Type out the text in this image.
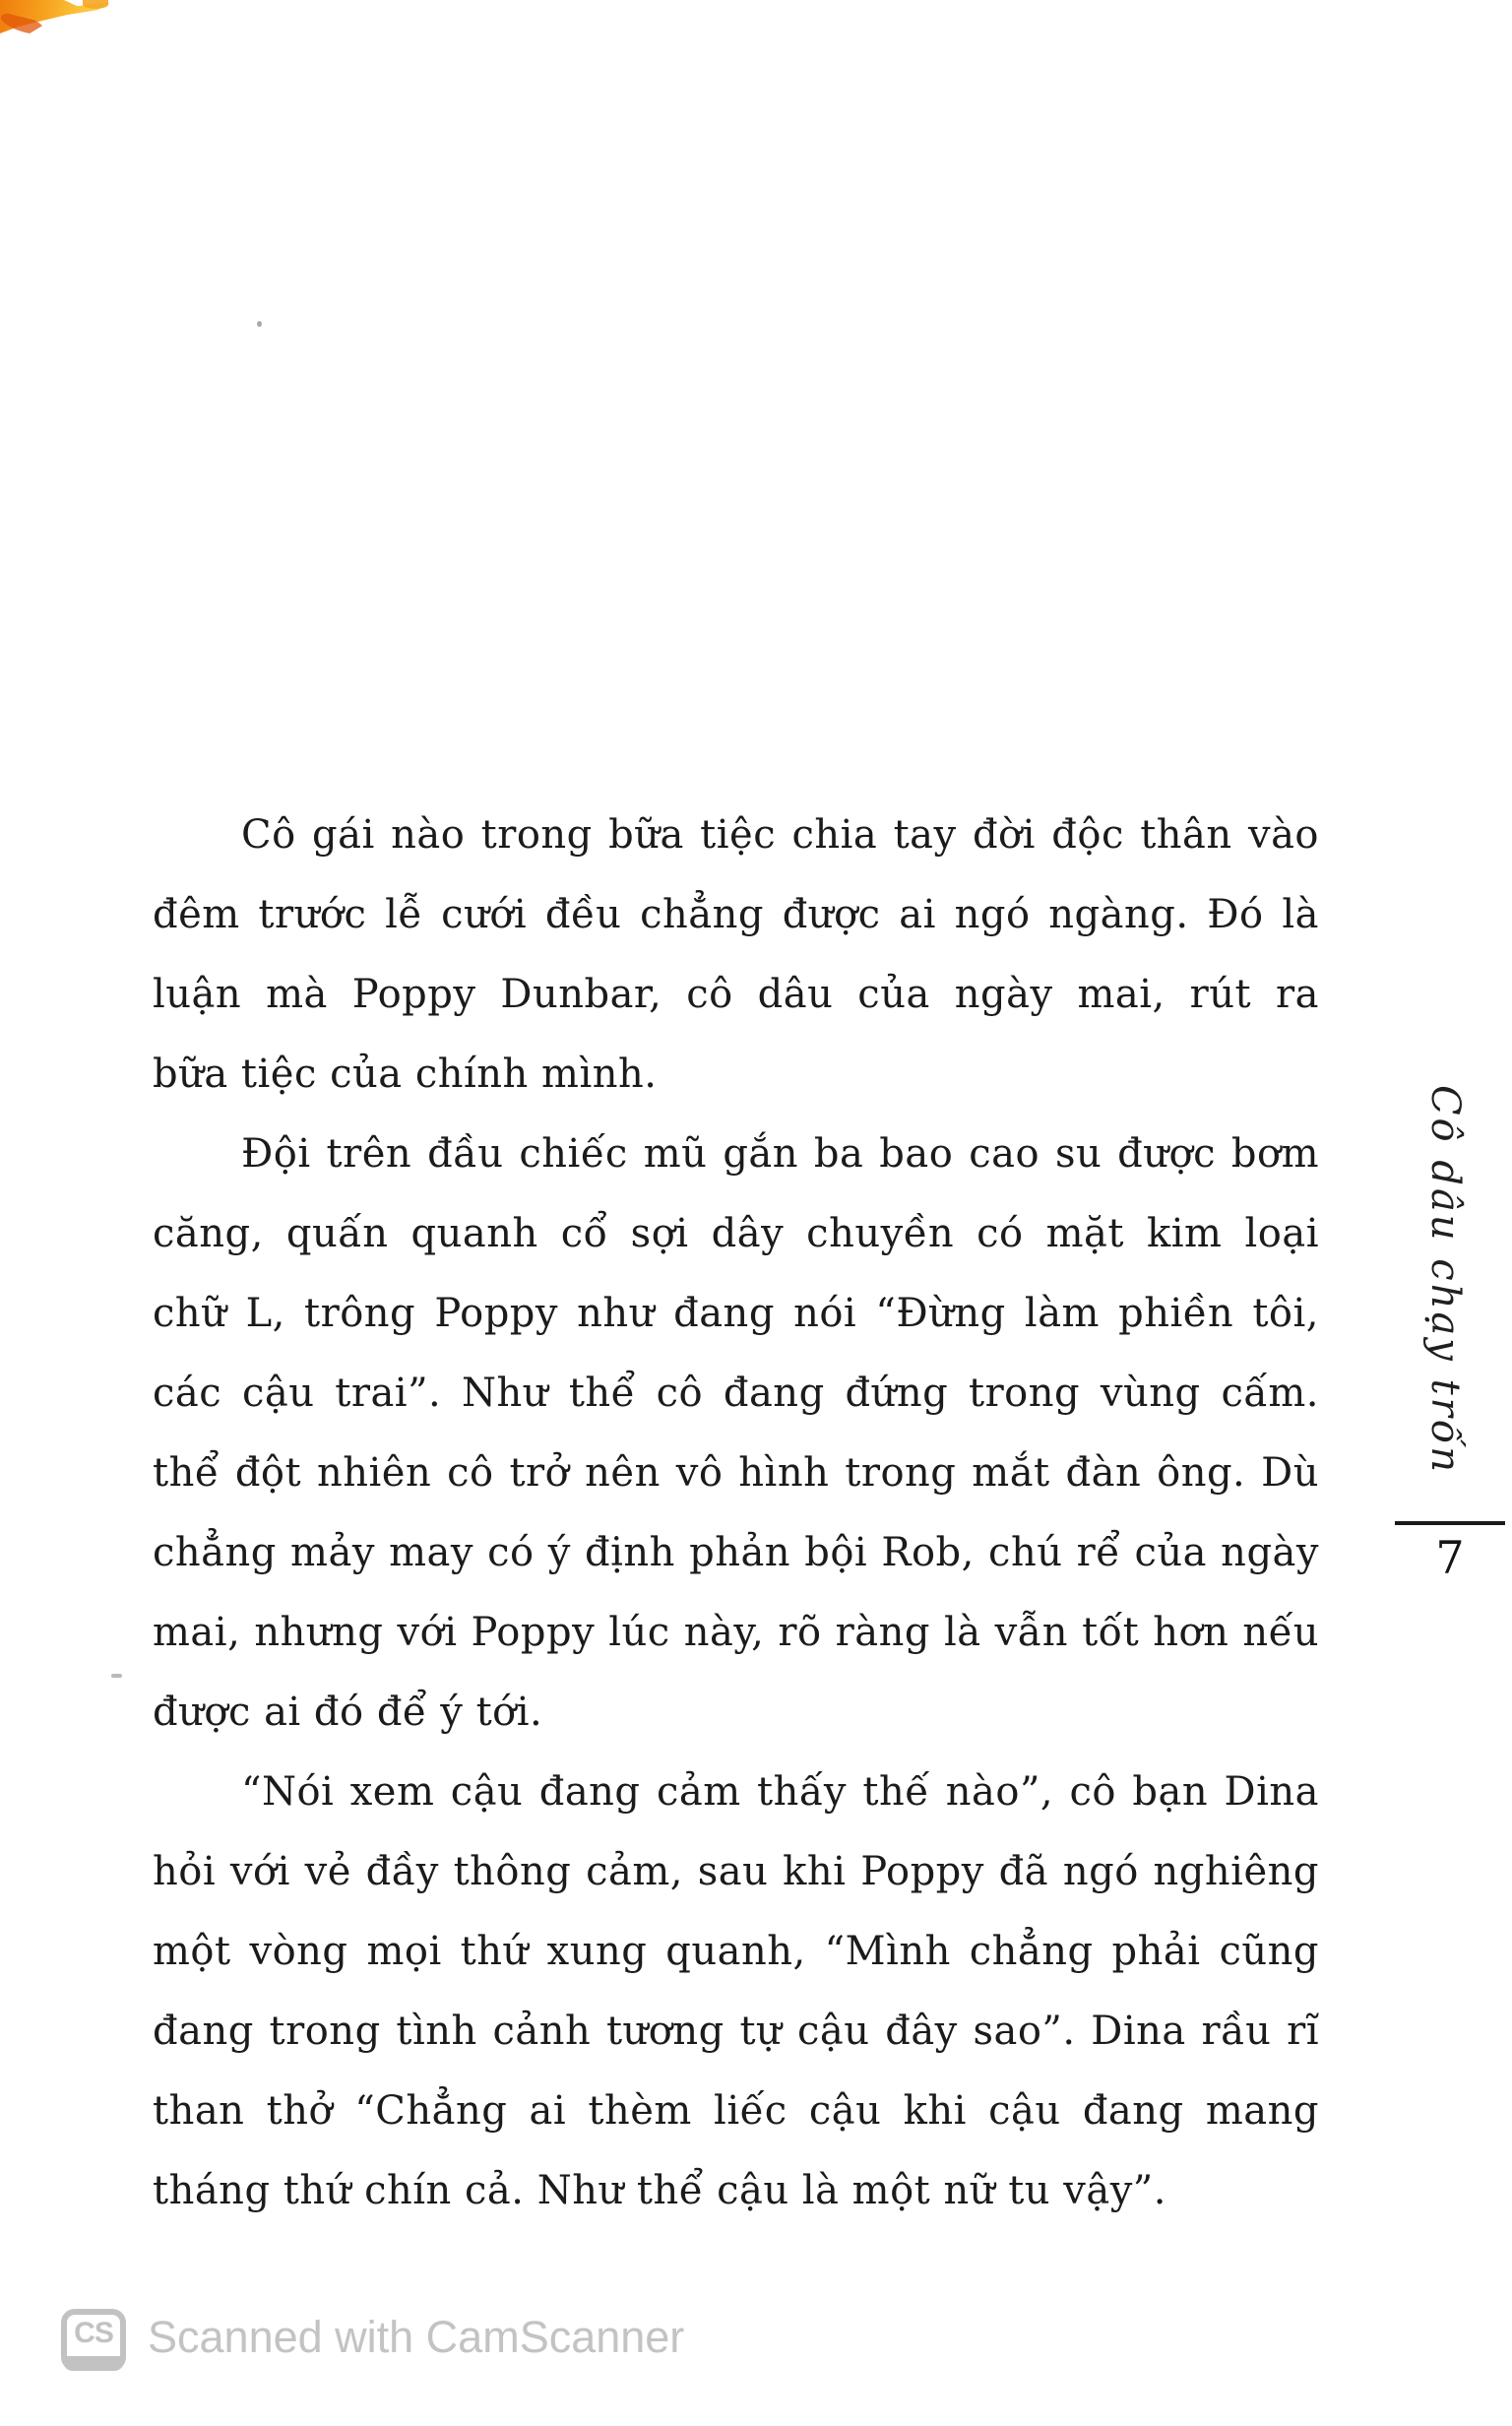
Cô gái nào trong bữa tiệc chia tay đời độc thân vào
đêm trước lễ cưới đều chẳng được ai ngó ngàng. Đó là
luận mà Poppy Dunbar, cô dâu của ngày mai, rút ra
bữa tiệc của chính mình.
Đội trên đầu chiếc mũ gắn ba bao cao su được bơm
căng, quấn quanh cổ sợi dây chuyền có mặt kim loại
chữ L, trông Poppy như đang nói “Đừng làm phiền tôi,
các cậu trai”. Như thể cô đang đứng trong vùng cấm.
thể đột nhiên cô trở nên vô hình trong mắt đàn ông. Dù
chẳng mảy may có ý định phản bội Rob, chú rể của ngày
mai, nhưng với Poppy lúc này, rõ ràng là vẫn tốt hơn nếu
được ai đó để ý tới.
“Nói xem cậu đang cảm thấy thế nào”, cô bạn Dina
hỏi với vẻ đầy thông cảm, sau khi Poppy đã ngó nghiêng
một vòng mọi thứ xung quanh, “Mình chẳng phải cũng
đang trong tình cảnh tương tự cậu đây sao”. Dina rầu rĩ
than thở “Chẳng ai thèm liếc cậu khi cậu đang mang
tháng thứ chín cả. Như thể cậu là một nữ tu vậy”.
Cô dâu chạy trốn
7
CS Scanned with CamScanner
